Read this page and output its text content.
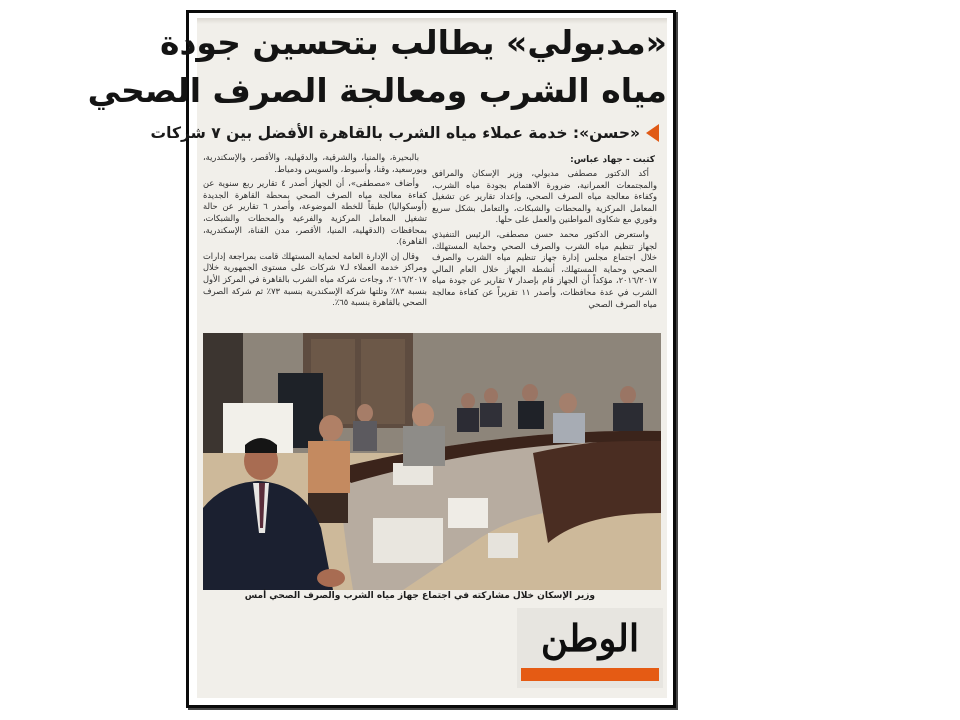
«مدبولي» يطالب بتحسين جودة
مياه الشرب ومعالجة الصرف الصحي
«حسن»: خدمة عملاء مياه الشرب بالقاهرة الأفضل بين ٧ شركات
كتبت - جهاد عباس:

أكد الدكتور مصطفى مدبولي، وزير الإسكان والمرافق والمجتمعات العمرانية، ضرورة الاهتمام بجودة مياه الشرب، وكفاءة معالجة مياه الصرف الصحي، وإعداد تقارير عن تشغيل المعامل المركزية والمحطات والشبكات، والتعامل بشكل سريع وفوري مع شكاوى المواطنين والعمل على حلها.

واستعرض الدكتور محمد حسن مصطفى، الرئيس التنفيذي لجهاز تنظيم مياه الشرب والصرف الصحي وحماية المستهلك، خلال اجتماع مجلس إدارة جهاز تنظيم مياه الشرب والصرف الصحي وحماية المستهلك، أنشطة الجهاز خلال العام المالي ٢٠١٦/٢٠١٧، مؤكداً أن الجهاز قام بإصدار ٧ تقارير عن جودة مياه الشرب في عدة محافظات، وأصدر ١١ تقريراً عن كفاءة معالجة مياه الصرف الصحي

بالبحيرة، والمنيا، والشرقية، والدقهلية، والأقصر، والإسكندرية، وبورسعيد، وقنا، وأسيوط، والسويس ودمياط.

وأضاف «مصطفى»، أن الجهاز أصدر ٤ تقارير ربع سنوية عن كفاءة معالجة مياه الصرف الصحي بمحطة القاهرة الجديدة (أوسكواليا) طبقاً للخطة الموضوعة، وأصدر ٦ تقارير عن حالة تشغيل المعامل المركزية والفرعية والمحطات والشبكات، بمحافظات (الدقهلية، المنيا، الأقصر، مدن القناة، الإسكندرية، القاهرة).

وقال إن الإدارة العامة لحماية المستهلك قامت بمراجعة إدارات ومراكز خدمة العملاء لـ٧ شركات على مستوى الجمهورية خلال ٢٠١٦/٢٠١٧، وجاءت شركة مياه الشرب بالقاهرة في المركز الأول بنسبة ٨٣٪ وتلتها شركة الإسكندرية بنسبة ٧٣٪ ثم شركة الصرف الصحي بالقاهرة بنسبة ٦٥٪.

وزير الإسكان خلال مشاركته في اجتماع جهاز مياه الشرب والصرف الصحي أمس
الوطن
